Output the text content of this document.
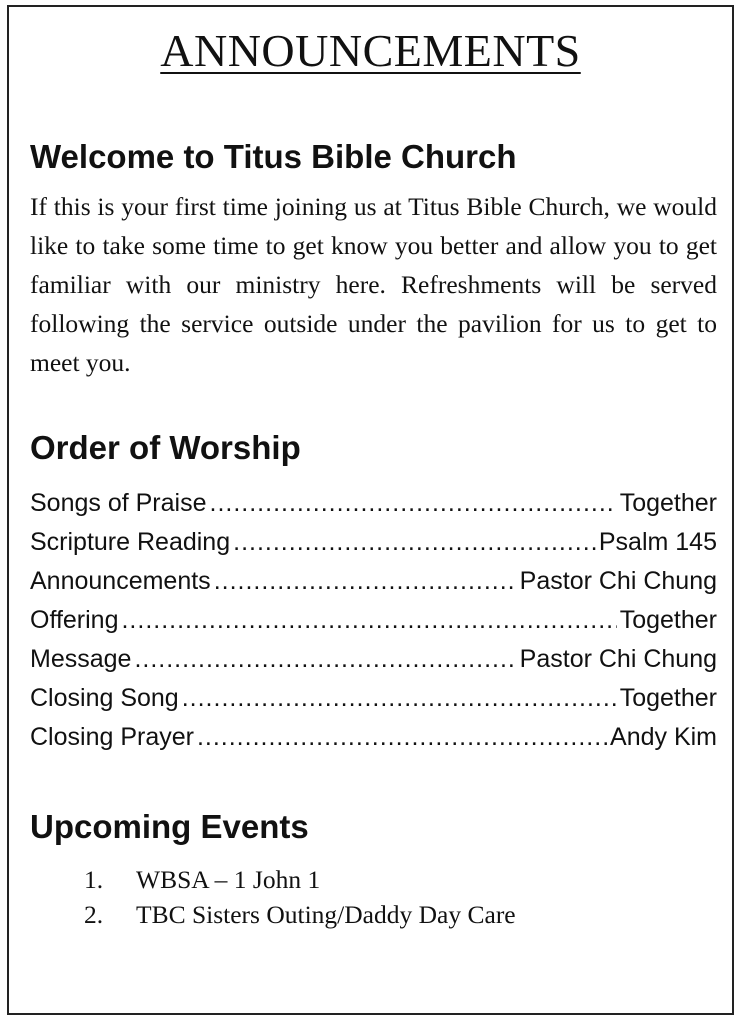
ANNOUNCEMENTS
Welcome to Titus Bible Church

If this is your first time joining us at Titus Bible Church, we would like to take some time to get know you better and allow you to get familiar with our ministry here. Refreshments will be served following the service outside under the pavilion for us to get to meet you.

Order of Worship
Songs of Praise .....	Together
Scripture Reading .....	Psalm 145
Announcements .....	Pastor Chi Chung
Offering .....	Together
Message .....	Pastor Chi Chung
Closing Song .....	Together
Closing Prayer .....	Andy Kim
Upcoming Events
1.	WBSA – 1 John 1
2.	TBC Sisters Outing/Daddy Day Care
